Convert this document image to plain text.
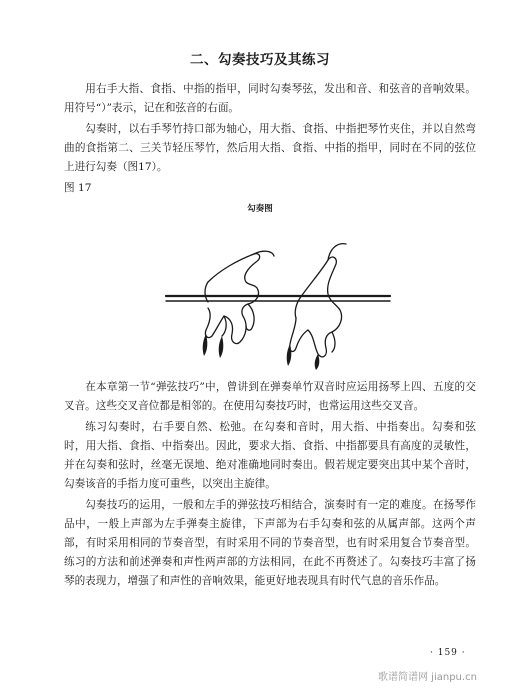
二、勾奏技巧及其练习

用右手大指、食指、中指的指甲，同时勾奏琴弦，发出和音、和弦音的音响效果。用符号“）”表示，记在和弦音的右面。

勾奏时，以右手琴竹持口部为轴心，用大指、食指、中指把琴竹夹住，并以自然弯曲的食指第二、三关节轻压琴竹，然后用大指、食指、中指的指甲，同时在不同的弦位上进行勾奏（图17）。

图 17
勾奏图

在本章第一节“弹弦技巧”中，曾讲到在弹奏单竹双音时应运用扬琴上四、五度的交叉音。这些交叉音位都是相邻的。在使用勾奏技巧时，也常运用这些交叉音。

练习勾奏时，右手要自然、松弛。在勾奏和音时，用大指、中指奏出。勾奏和弦时，用大指、食指、中指奏出。因此，要求大指、食指、中指都要具有高度的灵敏性，并在勾奏和弦时，丝毫无误地、绝对准确地同时奏出。假若规定要突出其中某个音时，勾奏该音的手指力度可重些，以突出主旋律。

勾奏技巧的运用，一般和左手的弹弦技巧相结合，演奏时有一定的难度。在扬琴作品中，一般上声部为左手弹奏主旋律，下声部为右手勾奏和弦的从属声部。这两个声部，有时采用相同的节奏音型，有时采用不同的节奏音型，也有时采用复合节奏音型。练习的方法和前述弹奏和声性两声部的方法相同，在此不再赘述了。勾奏技巧丰富了扬琴的表现力，增强了和声性的音响效果，能更好地表现具有时代气息的音乐作品。

· 159 ·
歌谱简谱网 jianpu.cn
